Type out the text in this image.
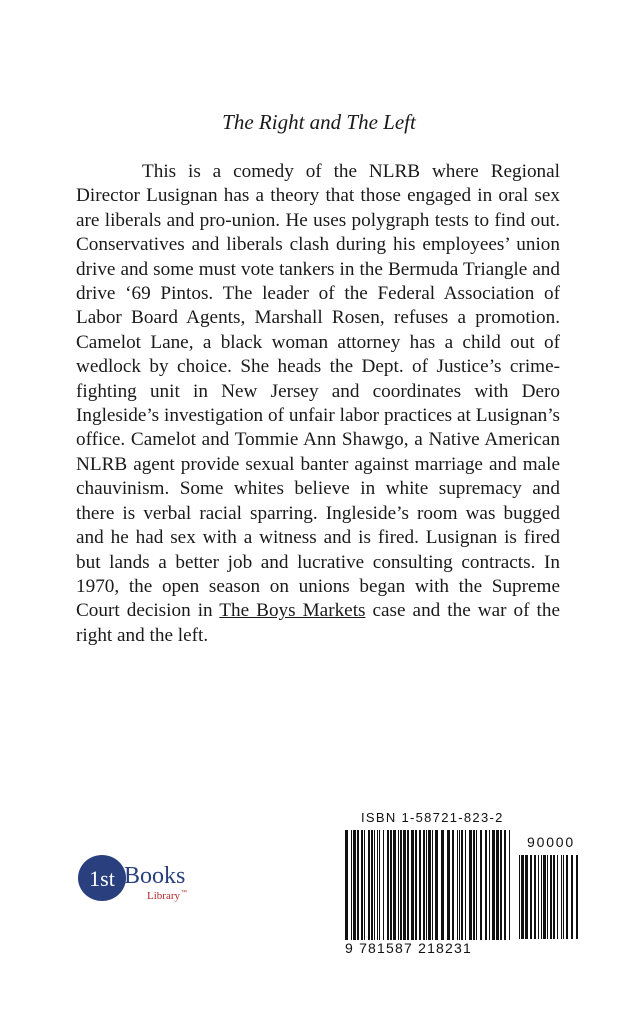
The Right and The Left

This is a comedy of the NLRB where Regional Director Lusignan has a theory that those engaged in oral sex are liberals and pro-union. He uses polygraph tests to find out. Conservatives and liberals clash during his employees’ union drive and some must vote tankers in the Bermuda Triangle and drive ‘69 Pintos. The leader of the Federal Association of Labor Board Agents, Marshall Rosen, refuses a promotion. Camelot Lane, a black woman attorney has a child out of wedlock by choice. She heads the Dept. of Justice’s crime-fighting unit in New Jersey and coordinates with Dero Ingleside’s investigation of unfair labor practices at Lusignan’s office. Camelot and Tommie Ann Shawgo, a Native American NLRB agent provide sexual banter against marriage and male chauvinism. Some whites believe in white supremacy and there is verbal racial sparring. Ingleside’s room was bugged and he had sex with a witness and is fired. Lusignan is fired but lands a better job and lucrative consulting contracts. In 1970, the open season on unions began with the Supreme Court decision in The Boys Markets case and the war of the right and the left.

1st Books
Library ™
ISBN 1-58721-823-2
90000
9 781587 218231
